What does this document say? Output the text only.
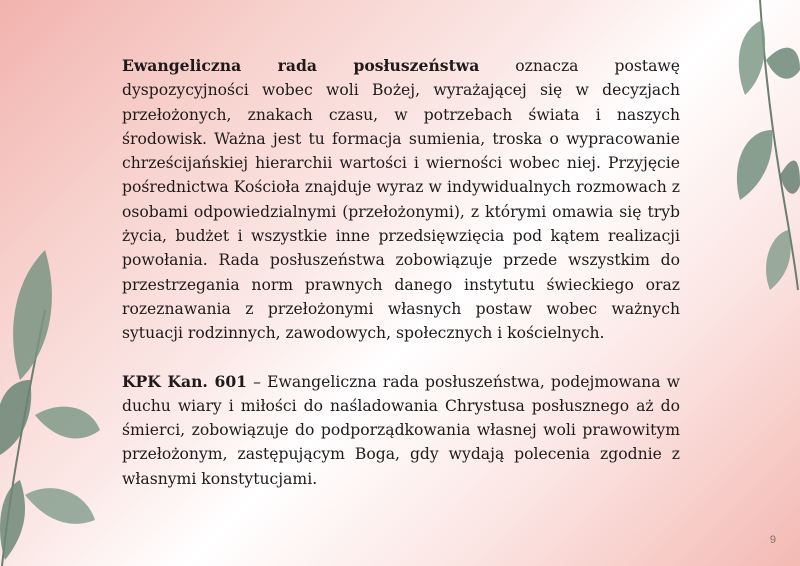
Ewangeliczna rada posłuszeństwa oznacza postawę dyspozycyjności wobec woli Bożej, wyrażającej się w decyzjach przełożonych, znakach czasu, w potrzebach świata i naszych środowisk. Ważna jest tu formacja sumienia, troska o wypracowanie chrześcijańskiej hierarchii wartości i wierności wobec niej. Przyjęcie pośrednictwa Kościoła znajduje wyraz w indywidualnych rozmowach z osobami odpowiedzialnymi (przełożonymi), z którymi omawia się tryb życia, budżet i wszystkie inne przedsięwzięcia pod kątem realizacji powołania. Rada posłuszeństwa zobowiązuje przede wszystkim do przestrzegania norm prawnych danego instytutu świeckiego oraz rozeznawania z przełożonymi własnych postaw wobec ważnych sytuacji rodzinnych, zawodowych, społecznych i kościelnych.

KPK Kan. 601 – Ewangeliczna rada posłuszeństwa, podejmowana w duchu wiary i miłości do naśladowania Chrystusa posłusznego aż do śmierci, zobowiązuje do podporządkowania własnej woli prawowitym przełożonym, zastępującym Boga, gdy wydają polecenia zgodnie z własnymi konstytucjami.

9
